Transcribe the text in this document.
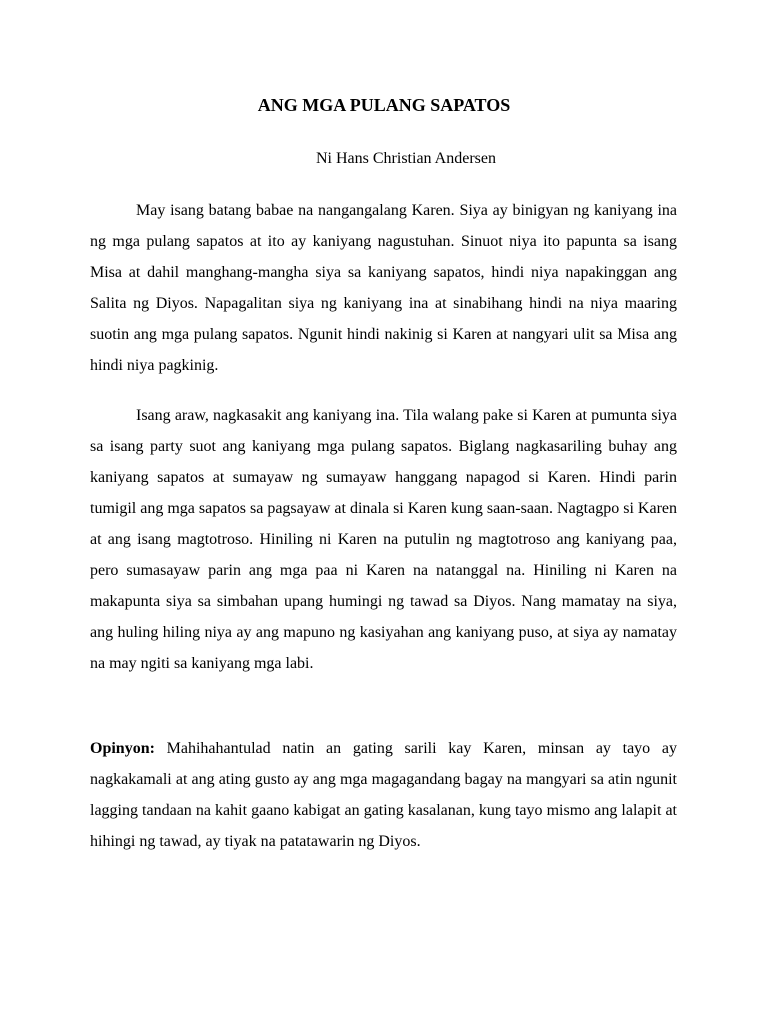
ANG MGA PULANG SAPATOS

Ni Hans Christian Andersen

May isang batang babae na nangangalang Karen. Siya ay binigyan ng kaniyang ina ng mga pulang sapatos at ito ay kaniyang nagustuhan. Sinuot niya ito papunta sa isang Misa at dahil manghang-mangha siya sa kaniyang sapatos, hindi niya napakinggan ang Salita ng Diyos. Napagalitan siya ng kaniyang ina at sinabihang hindi na niya maaring suotin ang mga pulang sapatos. Ngunit hindi nakinig si Karen at nangyari ulit sa Misa ang hindi niya pagkinig.

Isang araw, nagkasakit ang kaniyang ina. Tila walang pake si Karen at pumunta siya sa isang party suot ang kaniyang mga pulang sapatos. Biglang nagkasariling buhay ang kaniyang sapatos at sumayaw ng sumayaw hanggang napagod si Karen. Hindi parin tumigil ang mga sapatos sa pagsayaw at dinala si Karen kung saan-saan. Nagtagpo si Karen at ang isang magtotroso. Hiniling ni Karen na putulin ng magtotroso ang kaniyang paa, pero sumasayaw parin ang mga paa ni Karen na natanggal na. Hiniling ni Karen na makapunta siya sa simbahan upang humingi ng tawad sa Diyos. Nang mamatay na siya, ang huling hiling niya ay ang mapuno ng kasiyahan ang kaniyang puso, at siya ay namatay na may ngiti sa kaniyang mga labi.

Opinyon: Mahihahantulad natin an gating sarili kay Karen, minsan ay tayo ay nagkakamali at ang ating gusto ay ang mga magagandang bagay na mangyari sa atin ngunit lagging tandaan na kahit gaano kabigat an gating kasalanan, kung tayo mismo ang lalapit at hihingi ng tawad, ay tiyak na patatawarin ng Diyos.
